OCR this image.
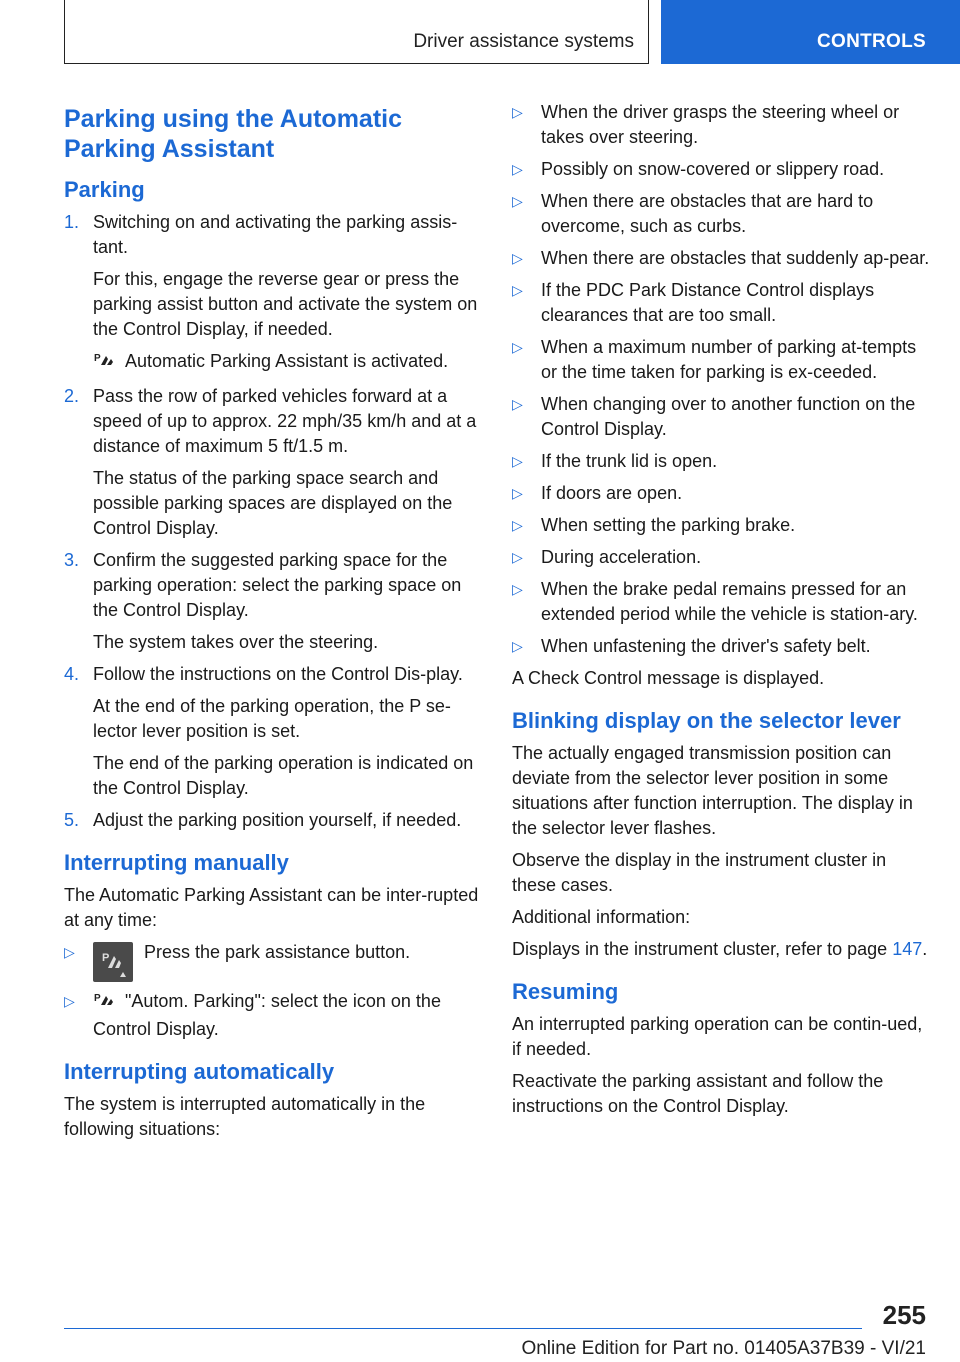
Driver assistance systems	CONTROLS
Parking using the Automatic Parking Assistant
Parking
1. Switching on and activating the parking assis-tant.

For this, engage the reverse gear or press the parking assist button and activate the system on the Control Display, if needed.

P Automatic Parking Assistant is activated.

2. Pass the row of parked vehicles forward at a speed of up to approx. 22 mph/35 km/h and at a distance of maximum 5 ft/1.5 m.

The status of the parking space search and possible parking spaces are displayed on the Control Display.

3. Confirm the suggested parking space for the parking operation: select the parking space on the Control Display.

The system takes over the steering.

4. Follow the instructions on the Control Dis-play.

At the end of the parking operation, the P se-lector lever position is set.

The end of the parking operation is indicated on the Control Display.

5. Adjust the parking position yourself, if needed.

Interrupting manually

The Automatic Parking Assistant can be inter-rupted at any time:

▷	P Press the park assistance button.
▷	P "Autom. Parking": select the icon on the Control Display.
Interrupting automatically

The system is interrupted automatically in the following situations:

▷	When the driver grasps the steering wheel or takes over steering.
▷	Possibly on snow-covered or slippery road.
▷	When there are obstacles that are hard to overcome, such as curbs.
▷	When there are obstacles that suddenly ap-pear.
▷	If the PDC Park Distance Control displays clearances that are too small.
▷	When a maximum number of parking at-tempts or the time taken for parking is ex-ceeded.
▷	When changing over to another function on the Control Display.
▷	If the trunk lid is open.
▷	If doors are open.
▷	When setting the parking brake.
▷	During acceleration.
▷	When the brake pedal remains pressed for an extended period while the vehicle is station-ary.
▷	When unfastening the driver's safety belt.

A Check Control message is displayed.

Blinking display on the selector lever

The actually engaged transmission position can deviate from the selector lever position in some situations after function interruption. The display in the selector lever flashes.

Observe the display in the instrument cluster in these cases.

Additional information:

Displays in the instrument cluster, refer to page 147.

Resuming

An interrupted parking operation can be contin-ued, if needed.

Reactivate the parking assistant and follow the instructions on the Control Display.

255
Online Edition for Part no. 01405A37B39 - VI/21
